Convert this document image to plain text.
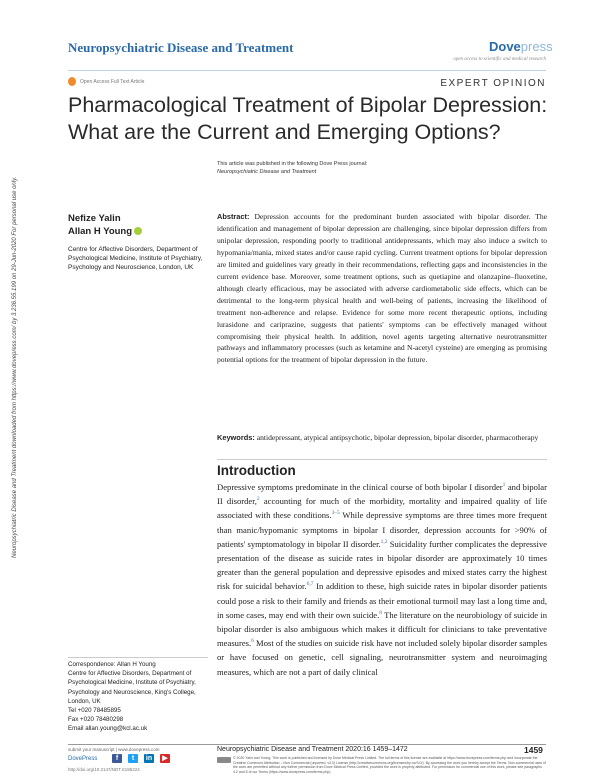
Neuropsychiatric Disease and Treatment	Dovepress
open access to scientific and medical research
Open Access Full Text Article	EXPERT OPINION
Pharmacological Treatment of Bipolar Depression: What are the Current and Emerging Options?
This article was published in the following Dove Press journal:
Neuropsychiatric Disease and Treatment
Nefize Yalin
Allan H Young
Centre for Affective Disorders, Department of Psychological Medicine, Institute of Psychiatry, Psychology and Neuroscience, London, UK
Abstract: Depression accounts for the predominant burden associated with bipolar disorder. The identification and management of bipolar depression are challenging, since bipolar depression differs from unipolar depression, responding poorly to traditional antidepressants, which may also induce a switch to hypomania/mania, mixed states and/or cause rapid cycling. Current treatment options for bipolar depression are limited and guidelines vary greatly in their recommendations, reflecting gaps and inconsistencies in the current evidence base. Moreover, some treatment options, such as quetiapine and olanzapine–fluoxetine, although clearly efficacious, may be associated with adverse cardiometabolic side effects, which can be detrimental to the long-term physical health and well-being of patients, increasing the likelihood of treatment non-adherence and relapse. Evidence for some more recent therapeutic options, including lurasidone and cariprazine, suggests that patients' symptoms can be effectively managed without compromising their physical health. In addition, novel agents targeting alternative neurotransmitter pathways and inflammatory processes (such as ketamine and N-acetyl cysteine) are emerging as promising potential options for the treatment of bipolar depression in the future.
Keywords: antidepressant, atypical antipsychotic, bipolar depression, bipolar disorder, pharmacotherapy
Neuropsychiatric Disease and Treatment downloaded from https://www.dovepress.com/ by 3.236.55.199 on 29-Jun-2020 For personal use only.	Introduction
Depressive symptoms predominate in the clinical course of both bipolar I disorder$^1$ and bipolar II disorder,$^2$ accounting for much of the morbidity, mortality and impaired quality of life associated with these conditions.$^{3-5}$ While depressive symptoms are three times more frequent than manic/hypomanic symptoms in bipolar I disorder, depression accounts for >90% of patients' symptomatology in bipolar II disorder.$^{1,2}$ Suicidality further complicates the depressive presentation of the disease as suicide rates in bipolar disorder are approximately 10 times greater than the general population and depressive episodes and mixed states carry the highest risk for suicidal behavior.$^{6,7}$ In addition to these, high suicide rates in bipolar disorder patients could pose a risk to their family and friends as their emotional turmoil may last a long time and, in some cases, may end with their own suicide.$^8$ The literature on the neurobiology of suicide in bipolar disorder is also ambiguous which makes it difficult for clinicians to take preventative measures.$^6$ Most of the studies on suicide risk have not included solely bipolar disorder samples or have focused on genetic, cell signaling, neurotransmitter system and neuroimaging measures, which are not a part of daily clinical
Correspondence: Allan H Young
Centre for Affective Disorders, Department of Psychological Medicine, Institute of Psychiatry, Psychology and Neuroscience, King's College, London, UK
Tel +020 78485895
Fax +020 78480298
Email allan.young@kcl.ac.uk
submit your manuscript | www.dovepress.com
DovePress	f	t	in	▶
http://doi.org/10.2147/NDT.S195224
Neuropsychiatric Disease and Treatment 2020:16 1459–1472	1459
© 2020 Yalin and Young. This work is published and licensed by Dove Medical Press Limited. The full terms of this license are available at https://www.dovepress.com/terms.php and incorporate the Creative Commons Attribution – Non Commercial (unported, v3.0) License (http://creativecommons.org/licenses/by-nc/3.0/). By accessing the work you hereby accept the Terms. Non-commercial uses of the work are permitted without any further permission from Dove Medical Press Limited, provided the work is properly attributed. For permission for commercial use of this work, please see paragraphs 4.2 and 5 of our Terms (https://www.dovepress.com/terms.php).
